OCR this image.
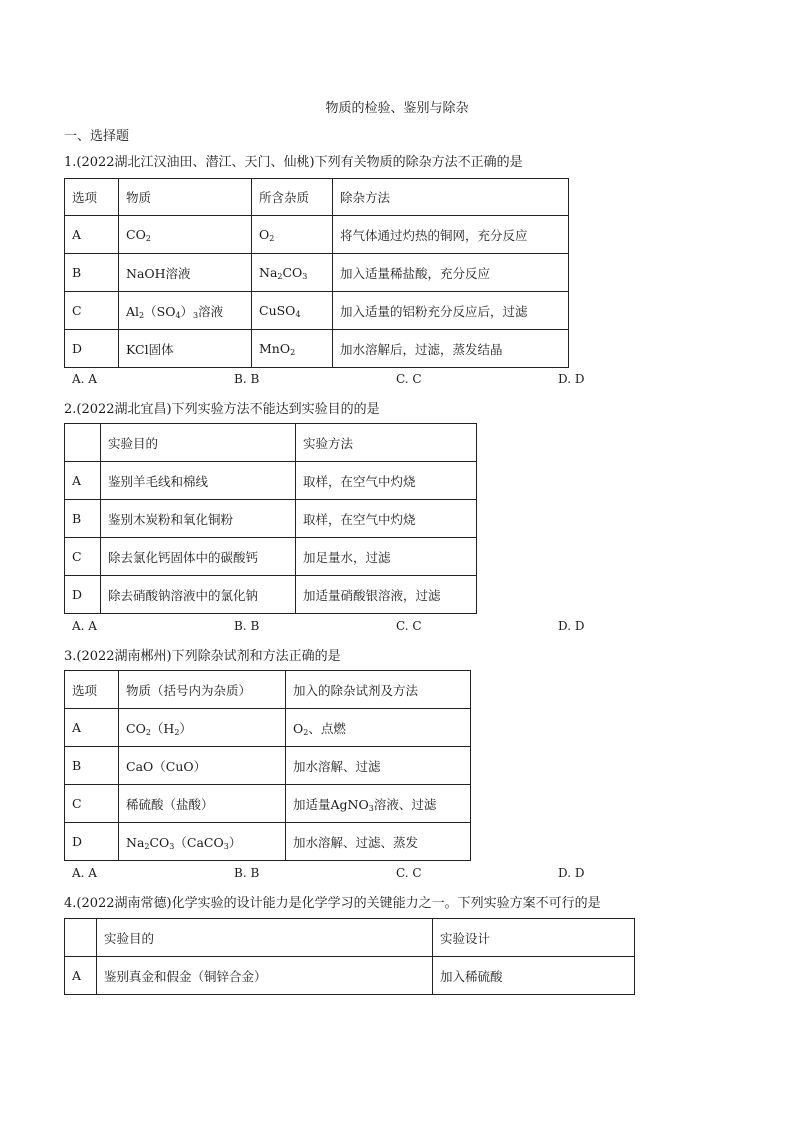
物质的检验、鉴别与除杂
一、选择题
1.(2022湖北江汉油田、潜江、天门、仙桃)下列有关物质的除杂方法不正确的是
选项	物质	所含杂质	除杂方法
A	$CO_2$	$O_2$	将气体通过灼热的铜网，充分反应
B	NaOH溶液	$Na_2CO_3$	加入适量稀盐酸，充分反应
C	$Al_2(SO_4)_3$溶液	CuSO$_4$	加入适量的铝粉充分反应后，过滤
D	KCl固体	MnO$_2$	加水溶解后，过滤，蒸发结晶
A. A	B. B	C. C	D. D
2.(2022湖北宜昌)下列实验方法不能达到实验目的的是
	实验目的	实验方法
A	鉴别羊毛线和棉线	取样，在空气中灼烧
B	鉴别木炭粉和氧化铜粉	取样，在空气中灼烧
C	除去氯化钙固体中的碳酸钙	加足量水，过滤
D	除去硝酸钠溶液中的氯化钠	加适量硝酸银溶液，过滤
A. A	B. B	C. C	D. D
3.(2022湖南郴州)下列除杂试剂和方法正确的是
选项	物质（括号内为杂质）	加入的除杂试剂及方法
A	$CO_2(H_2)$	$O_2$、点燃
B	CaO（CuO）	加水溶解、过滤
C	稀硫酸（盐酸）	加适量AgNO$_3$溶液、过滤
D	$Na_2CO_3(CaCO_3)$	加水溶解、过滤、蒸发
A. A	B. B	C. C	D. D
4.(2022湖南常德)化学实验的设计能力是化学学习的关键能力之一。下列实验方案不可行的是
	实验目的	实验设计
A	鉴别真金和假金（铜锌合金）	加入稀硫酸
